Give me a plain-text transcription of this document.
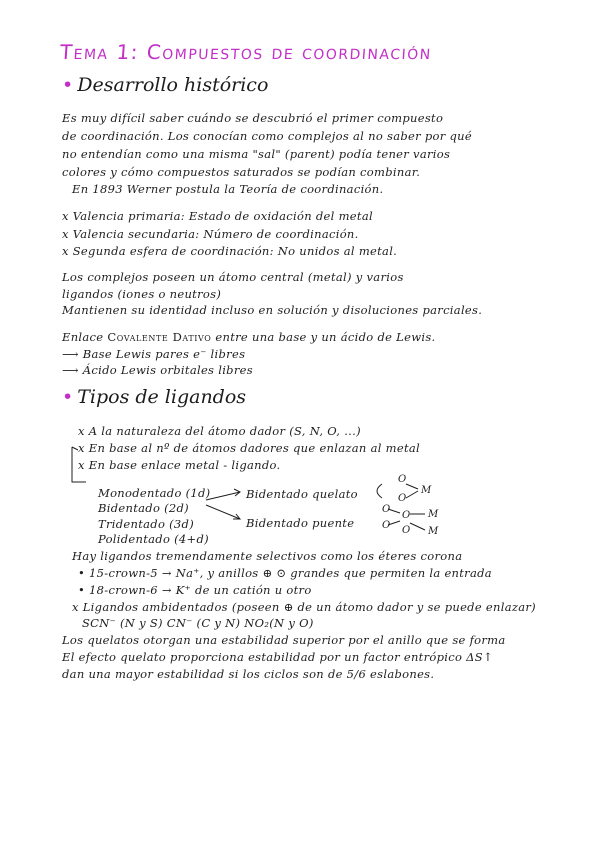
Tema 1: Compuestos de coordinación
• Desarrollo histórico
Es muy difícil saber cuándo se descubrió el primer compuesto
de coordinación. Los conocían como complejos al no saber por qué
no entendían como una misma "sal" (parent) podía tener varios
colores y cómo compuestos saturados se podían combinar.
En 1893 Werner postula la Teoría de coordinación.
x Valencia primaria: Estado de oxidación del metal
x Valencia secundaria: Número de coordinación.
x Segunda esfera de coordinación: No unidos al metal.
Los complejos poseen un átomo central (metal) y varios
ligandos (iones o neutros)
Mantienen su identidad incluso en solución y disoluciones parciales.
Enlace Covalente Dativo entre una base y un ácido de Lewis.
⟶ Base Lewis pares e⁻ libres
⟶ Ácido Lewis orbitales libres
• Tipos de ligandos
x A la naturaleza del átomo dador (S, N, O, ...)
x En base al nº de átomos dadores que enlazan al metal
x En base enlace metal - ligando.
Monodentado (1d)
Bidentado (2d)
Tridentado (3d)
Polidentado (4+d)
Bidentado quelato
Bidentado puente
Hay ligandos tremendamente selectivos como los éteres corona
• 15-crown-5 → Na⁺, y anillos ⊕ ⊙ grandes que permiten la entrada
• 18-crown-6 → K⁺ de un catión u otro
x Ligandos ambidentados (poseen ⊕ de un átomo dador y se puede enlazar)
SCN⁻ (N y S) CN⁻ (C y N) NO₂(N y O)
Los quelatos otorgan una estabilidad superior por el anillo que se forma
El efecto quelato proporciona estabilidad por un factor entrópico ΔS↑
dan una mayor estabilidad si los ciclos son de 5/6 eslabones.
O
O
M
O
O
O O
M
M
